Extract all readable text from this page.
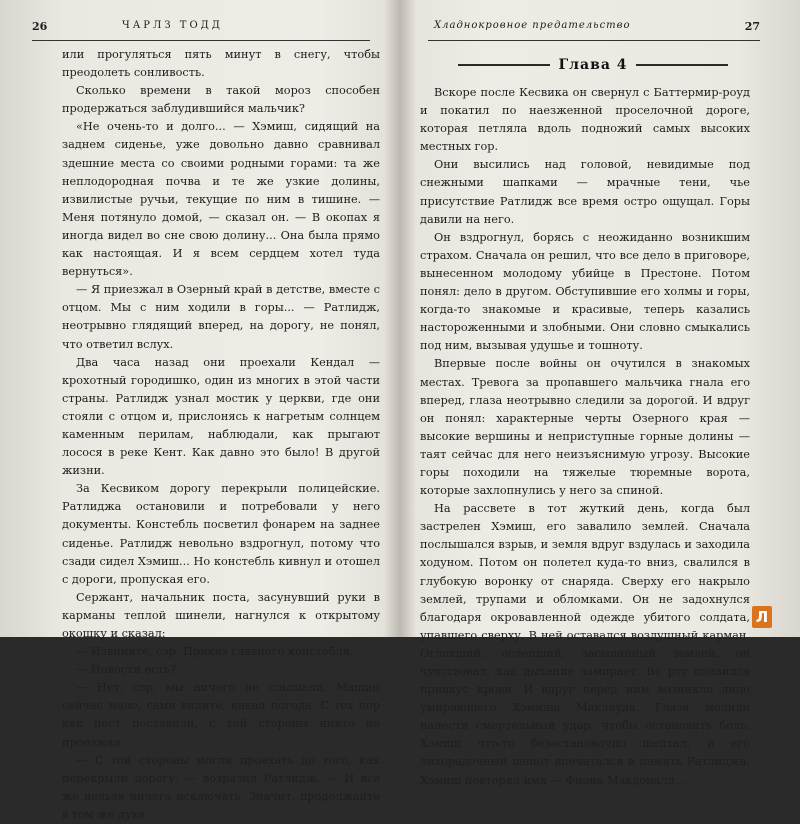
26	ЧАРЛЗ ТОДД

или прогуляться пять минут в снегу, чтобы преодолеть сонливость.

Сколько времени в такой мороз способен продержаться заблудившийся мальчик?

«Не очень-то и долго... — Хэмиш, сидящий на заднем сиденье, уже довольно давно сравнивал здешние места со своими родными горами: та же неплодородная почва и те же узкие долины, извилистые ручьи, текущие по ним в тишине. — Меня потянуло домой, — сказал он. — В окопах я иногда видел во сне свою долину... Она была прямо как настоящая. И я всем сердцем хотел туда вернуться».

— Я приезжал в Озерный край в детстве, вместе с отцом. Мы с ним ходили в горы... — Ратлидж, неотрывно глядящий вперед, на дорогу, не понял, что ответил вслух.

Два часа назад они проехали Кендал — крохотный городишко, один из многих в этой части страны. Ратлидж узнал мостик у церкви, где они стояли с отцом и, прислонясь к нагретым солнцем каменным перилам, наблюдали, как прыгают лосося в реке Кент. Как давно это было! В другой жизни.

За Кесвиком дорогу перекрыли полицейские. Ратлиджа остановили и потребовали у него документы. Констебль посветил фонарем на заднее сиденье. Ратлидж невольно вздрогнул, потому что сзади сидел Хэмиш... Но констебль кивнул и отошел с дороги, пропуская его.

Сержант, начальник поста, засунувший руки в карманы теплой шинели, нагнулся к открытому окошку и сказал:

— Извините, сэр. Приказ главного констебля.

— Новости есть?

— Нет, сэр, мы ничего не слышали. Машин сейчас мало, сами видите, какая погода. С тех пор как пост поставили, с той стороны никто не проезжал.

— С той стороны могли проехать до того, как перекрыли дорогу, — возразил Ратлидж. — И все же нельзя ничего исключать. Значит, продолжайте в том же духе.

Хладнокровное предательство	27
Глава 4

Вскоре после Кесвика он свернул с Баттермир-роуд и покатил по наезженной проселочной дороге, которая петляла вдоль подножий самых высоких местных гор.

Они высились над головой, невидимые под снежными шапками — мрачные тени, чье присутствие Ратлидж все время остро ощущал. Горы давили на него.

Он вздрогнул, борясь с неожиданно возникшим страхом. Сначала он решил, что все дело в приговоре, вынесенном молодому убийце в Престоне. Потом понял: дело в другом. Обступившие его холмы и горы, когда-то знакомые и красивые, теперь казались настороженными и злобными. Они словно смыкались под ним, вызывая удушье и тошноту.

Впервые после войны он очутился в знакомых местах. Тревога за пропавшего мальчика гнала его вперед, глаза неотрывно следили за дорогой. И вдруг он понял: характерные черты Озерного края — высокие вершины и неприступные горные долины — таят сейчас для него неизъяснимую угрозу. Высокие горы походили на тяжелые тюремные ворота, которые захлопнулись у него за спиной.

На рассвете в тот жуткий день, когда был застрелен Хэмиш, его завалило землей. Сначала послышался взрыв, и земля вдруг вздулась и заходила ходуном. Потом он полетел куда-то вниз, свалился в глубокую воронку от снаряда. Сверху его накрыло землей, трупами и обломками. Он не задохнулся благодаря окровавленной одежде убитого солдата, упавшего сверху. В ней оставался воздушный карман. Оглохший, ослепший, засыпанный землей, он чувствовал, как дыхание замирает. Во рту появился привкус крови. И вдруг перед ним возникло лицо умирающего Хэмиша Маклауда. Глаза молили нанести смертельный удар, чтобы остановить боль. Хэмиш что-то безостановочно шептал, и его лихорадочный шепот впечатался в память Ратлиджа. Хэмиш повторял имя — Фиона Макдоналд...

Л
